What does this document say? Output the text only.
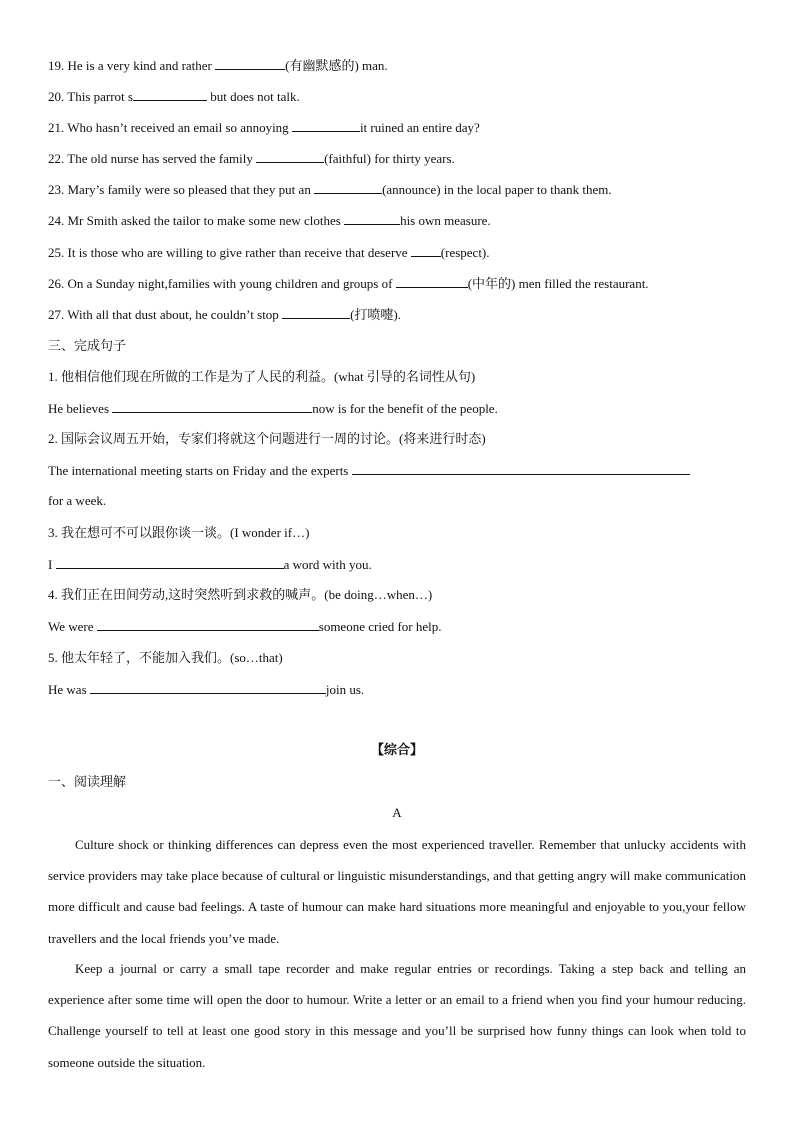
19. He is a very kind and rather	(有幽默感的) man.
20. This parrot s	but does not talk.
21. Who hasn’t received an email so annoying	it ruined an entire day?
22. The old nurse has served the family	(faithful) for thirty years.
23. Mary’s family were so pleased that they put an	(announce) in the local paper to thank them.
24. Mr Smith asked the tailor to make some new clothes	his own measure.
25. It is those who are willing to give rather than receive that deserve (respect).
26. On a Sunday night,families with young children and groups of	(中年的) men filled the restaurant.
27. With all that dust about, he couldn’t stop	(打喷嚏).
三、完成句子
1. 他相信他们现在所做的工作是为了人民的利益。(what 引导的名词性从句)
He believes	now is for the benefit of the people.
2. 国际会议周五开始，专家们将就这个问题进行一周的讨论。(将来进行时态)
The international meeting starts on Friday and the experts
for a week.
3. 我在想可不可以跟你谈一谈。(I wonder if…)
I	a word with you.
4. 我们正在田间劳动,这时突然听到求救的喊声。(be doing…when…)
We were	someone cried for help.
5. 他太年轻了，不能加入我们。(so…that)
He was	join us.
【综合】
一、阅读理解
A
Culture shock or thinking differences can depress even the most experienced traveller. Remember that unlucky accidents with service providers may take place because of cultural or linguistic misunderstandings, and that getting angry will make communication more difficult and cause bad feelings. A taste of humour can make hard situations more meaningful and enjoyable to you,your fellow travellers and the local friends you’ve made.
Keep a journal or carry a small tape recorder and make regular entries or recordings. Taking a step back and telling an experience after some time will open the door to humour. Write a letter or an email to a friend when you find your humour reducing. Challenge yourself to tell at least one good story in this message and you’ll be surprised how funny things can look when told to someone outside the situation.
